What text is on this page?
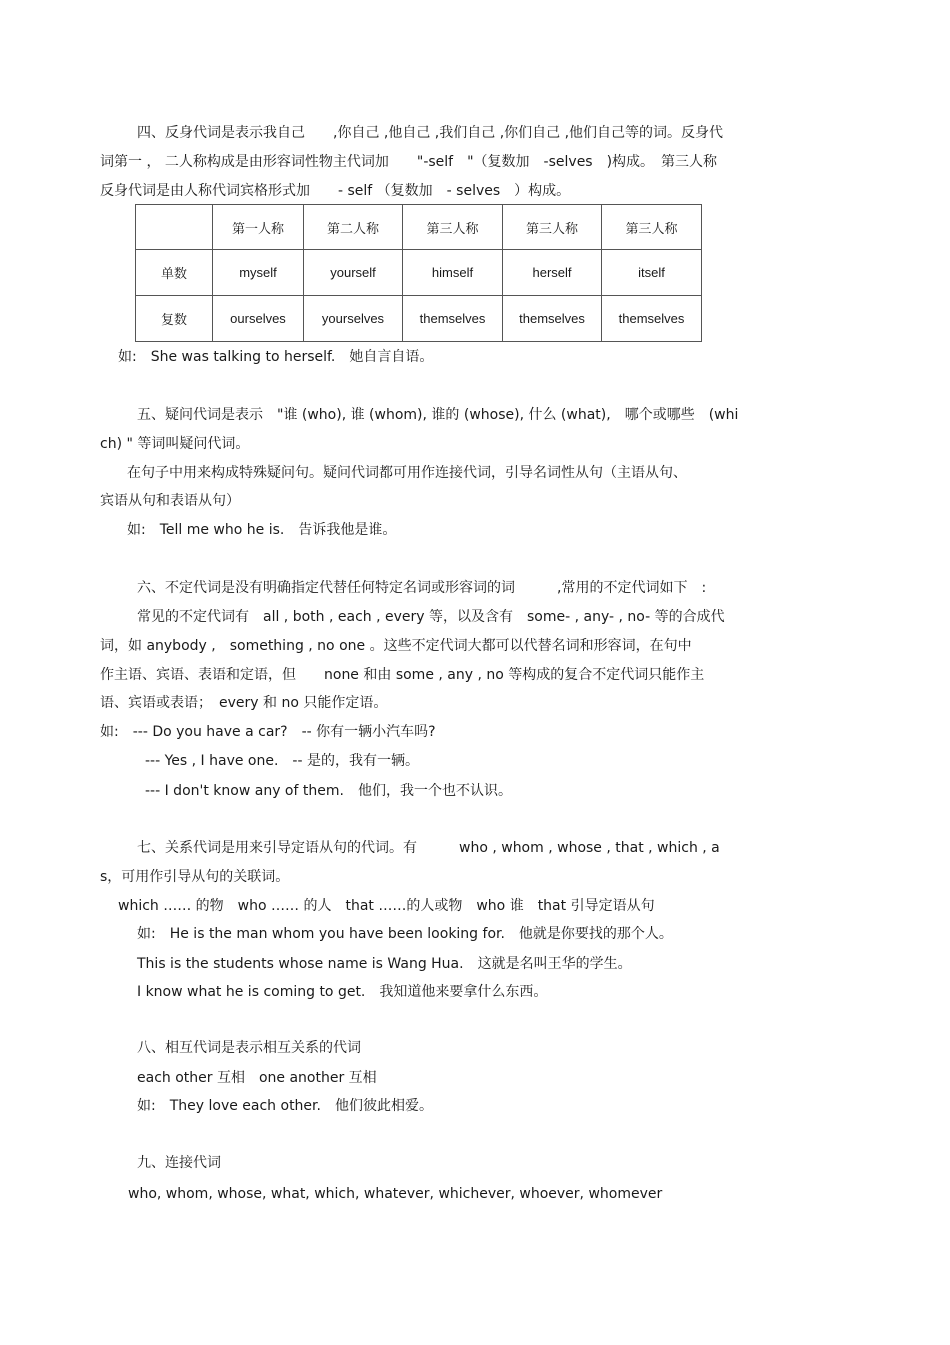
四、反身代词是表示我自己　　,你自己 ,他自己 ,我们自己 ,你们自己 ,他们自己等的词。反身代
词第一 ， 二人称构成是由形容词性物主代词加　　"-self　"（复数加　-selves　)构成。　第三人称
反身代词是由人称代词宾格形式加　　- self （复数加　- selves　）构成。
	第一人称	第二人称	第三人称	第三人称	第三人称
单数	myself	yourself	himself	herself	itself
复数	ourselves	yourselves	themselves	themselves	themselves
如:　She was talking to herself.　她自言自语。
五、疑问代词是表示　"谁 (who), 谁 (whom), 谁的 (whose), 什么 (what),　哪个或哪些　(whi
ch) " 等词叫疑问代词。
在句子中用来构成特殊疑问句。疑问代词都可用作连接代词，引导名词性从句（主语从句、
宾语从句和表语从句）
如:　Tell me who he is.　告诉我他是谁。
六、不定代词是没有明确指定代替任何特定名词或形容词的词　　　,常用的不定代词如下　:
常见的不定代词有　all , both , each , every 等，以及含有　some- , any- , no- 等的合成代
词，如 anybody ,　something , no one 。这些不定代词大都可以代替名词和形容词，在句中
作主语、宾语、表语和定语，但　　none 和由 some , any , no 等构成的复合不定代词只能作主
语、宾语或表语；　every 和 no 只能作定语。
如:　--- Do you have a car?　-- 你有一辆小汽车吗?
--- Yes , I have one.　-- 是的，我有一辆。
--- I don't know any of them.　他们，我一个也不认识。
七、关系代词是用来引导定语从句的代词。有　　　who , whom , whose , that , which , a
s，可用作引导从句的关联词。
which …… 的物　who …… 的人　that ……的人或物　who 谁　that 引导定语从句
如:　He is the man whom you have been looking for.　他就是你要找的那个人。
This is the students whose name is Wang Hua.　这就是名叫王华的学生。
I know what he is coming to get.　我知道他来要拿什么东西。
八、相互代词是表示相互关系的代词
each other 互相　one another 互相
如:　They love each other.　他们彼此相爱。
九、连接代词
who, whom, whose, what, which, whatever, whichever, whoever, whomever
